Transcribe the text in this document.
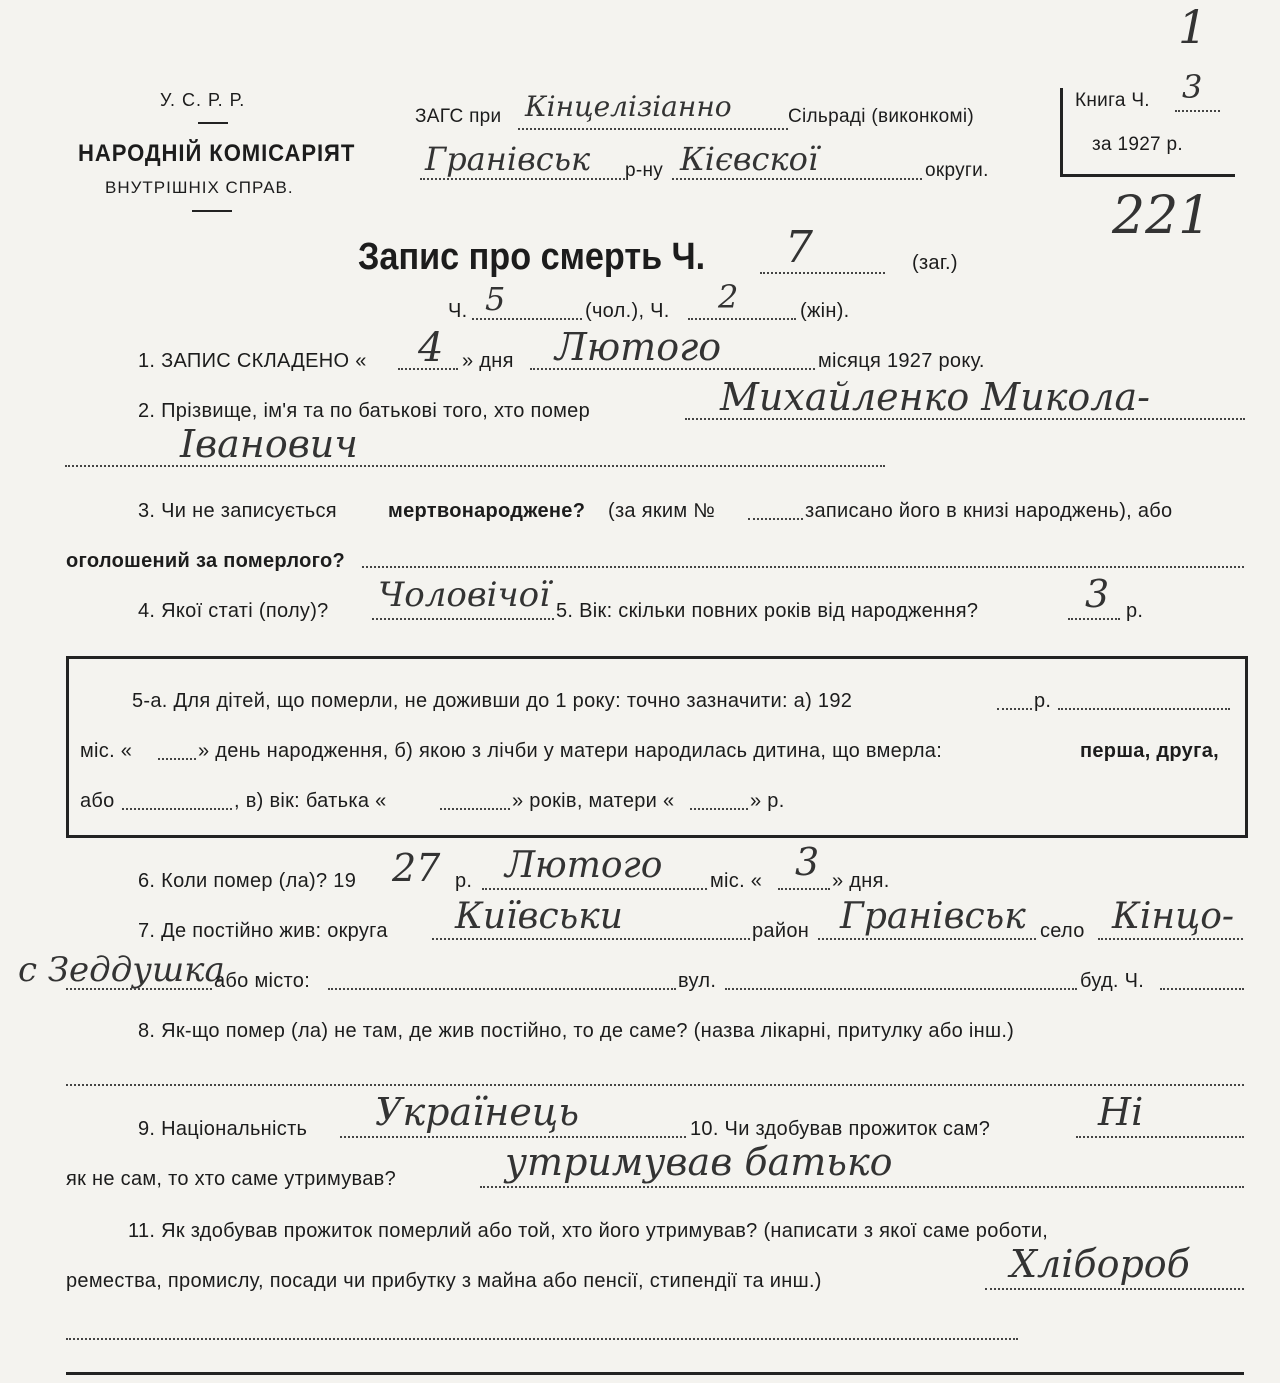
У. С. Р. Р.
НАРОДНІЙ КОМІСАРІЯТ
ВНУТРІШНІХ СПРАВ.
ЗАГС при Кінцелізіанно	Сільраді (виконкомі)
Гранівськ р-ну Кієвскої	округи.
Книга Ч. 3
за 1927 р.
1
221
Запис про смерть Ч. 7	(заг.)
Ч. 5	(чол.), Ч. 2	(жін).
1. ЗАПИС СКЛАДЕНО « 4 » дня Лютого	місяця 1927 року.
2. Прізвище, ім'я та по батькові того, хто помер	Михайленко Микола-
Іванович
3. Чи не записується	мертвонароджене? (за яким №	записано його в книзі народжень), або
оголошений за померлого?
4. Якої статі (полу)? Чоловічої 5. Вік: скільки повних років від народження?	3 р.
5-а. Для дітей, що померли, не доживши до 1 року: точно зазначити: а) 192	р.
міс. «	» день народження, б) якою з лічби у матери народилась дитина, що вмерла:	перша, друга,
або	, в) вік: батька «	» років, матери «	» р.
6. Коли помер (ла)? 19 27 р. Лютого міс. « 3 » дня.
7. Де постійно жив: округа Київськи	район Гранівськ село Кінцо-
с Зеддушка
або місто:	вул.	буд. Ч.
8. Як-що помер (ла) не там, де жив постійно, то де саме? (назва лікарні, притулку або інш.)
9. Національність Українець	10. Чи здобував прожиток сам?	Ні
як не сам, то хто саме утримував?	утримував батько
11. Як здобував прожиток померлий або той, хто його утримував? (написати з якої саме роботи,
ремества, промислу, посади чи прибутку з майна або пенсії, стипендії та инш.)	Хлібороб
